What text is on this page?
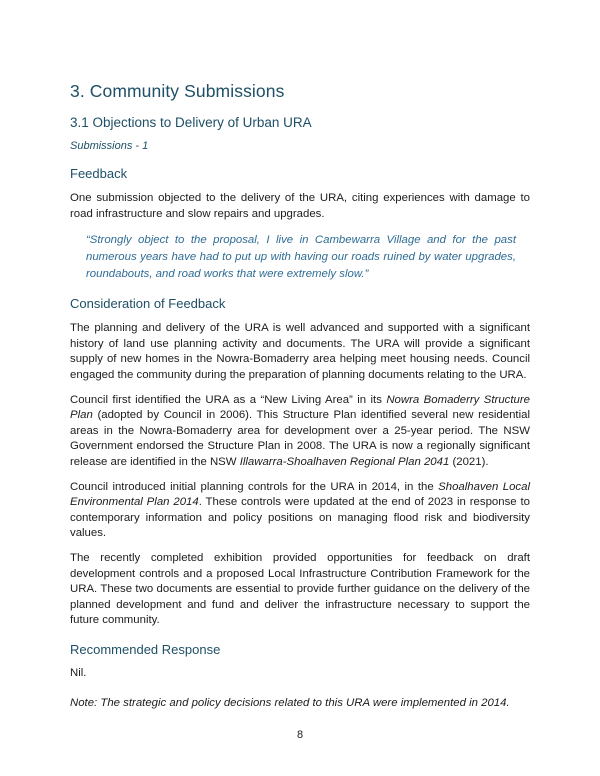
3. Community Submissions
3.1 Objections to Delivery of Urban URA
Submissions - 1
Feedback

One submission objected to the delivery of the URA, citing experiences with damage to road infrastructure and slow repairs and upgrades.

“Strongly object to the proposal, I live in Cambewarra Village and for the past numerous years have had to put up with having our roads ruined by water upgrades, roundabouts, and road works that were extremely slow.”

Consideration of Feedback

The planning and delivery of the URA is well advanced and supported with a significant history of land use planning activity and documents. The URA will provide a significant supply of new homes in the Nowra-Bomaderry area helping meet housing needs. Council engaged the community during the preparation of planning documents relating to the URA.

Council first identified the URA as a “New Living Area” in its Nowra Bomaderry Structure Plan (adopted by Council in 2006). This Structure Plan identified several new residential areas in the Nowra-Bomaderry area for development over a 25-year period. The NSW Government endorsed the Structure Plan in 2008. The URA is now a regionally significant release are identified in the NSW Illawarra-Shoalhaven Regional Plan 2041 (2021).

Council introduced initial planning controls for the URA in 2014, in the Shoalhaven Local Environmental Plan 2014. These controls were updated at the end of 2023 in response to contemporary information and policy positions on managing flood risk and biodiversity values.

The recently completed exhibition provided opportunities for feedback on draft development controls and a proposed Local Infrastructure Contribution Framework for the URA. These two documents are essential to provide further guidance on the delivery of the planned development and fund and deliver the infrastructure necessary to support the future community.

Recommended Response

Nil.

Note: The strategic and policy decisions related to this URA were implemented in 2014.

8
